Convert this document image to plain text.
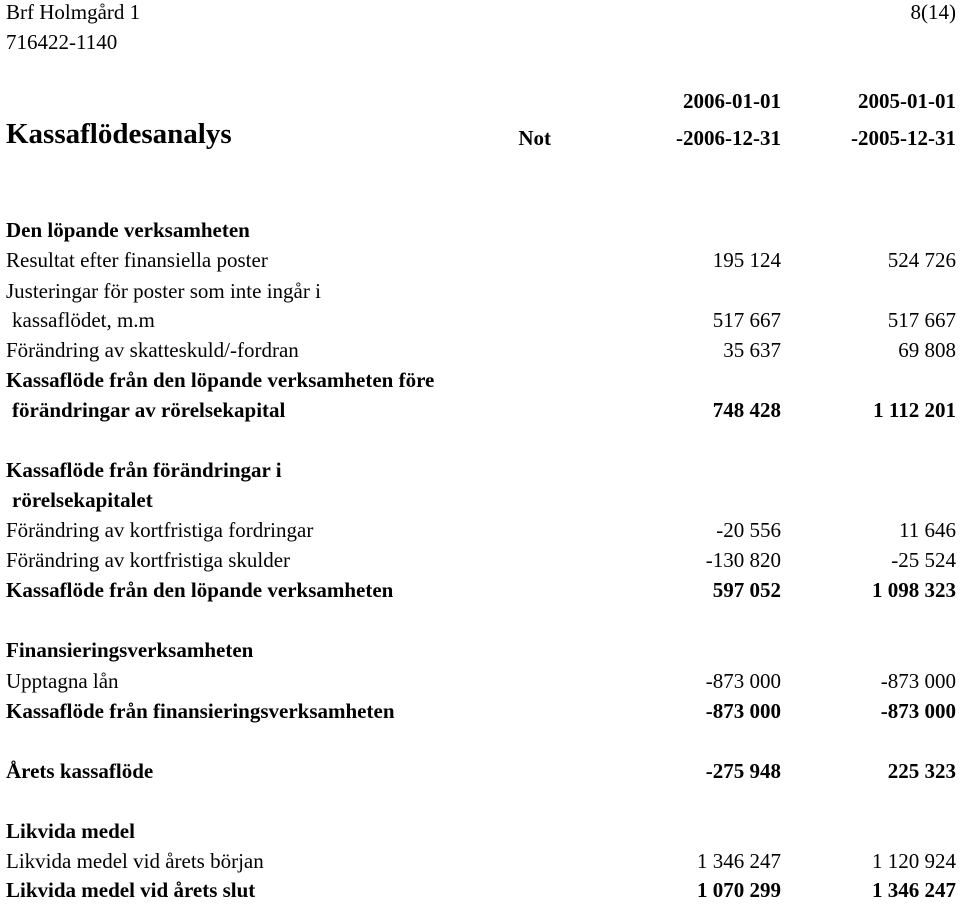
Brf Holmgård 1	8(14)
716422-1140
2006-01-01	2005-01-01
Kassaflödesanalys	Not	-2006-12-31	-2005-12-31
Den löpande verksamheten
Resultat efter finansiella poster	195 124	524 726
Justeringar för poster som inte ingår i
kassaflödet, m.m	517 667	517 667
Förändring av skatteskuld/-fordran	35 637	69 808
Kassaflöde från den löpande verksamheten före
förändringar av rörelsekapital	748 428	1 112 201
Kassaflöde från förändringar i
rörelsekapitalet
Förändring av kortfristiga fordringar	-20 556	11 646
Förändring av kortfristiga skulder	-130 820	-25 524
Kassaflöde från den löpande verksamheten	597 052	1 098 323
Finansieringsverksamheten
Upptagna lån	-873 000	-873 000
Kassaflöde från finansieringsverksamheten	-873 000	-873 000
Årets kassaflöde	-275 948	225 323
Likvida medel
Likvida medel vid årets början	1 346 247	1 120 924
Likvida medel vid årets slut	1 070 299	1 346 247
